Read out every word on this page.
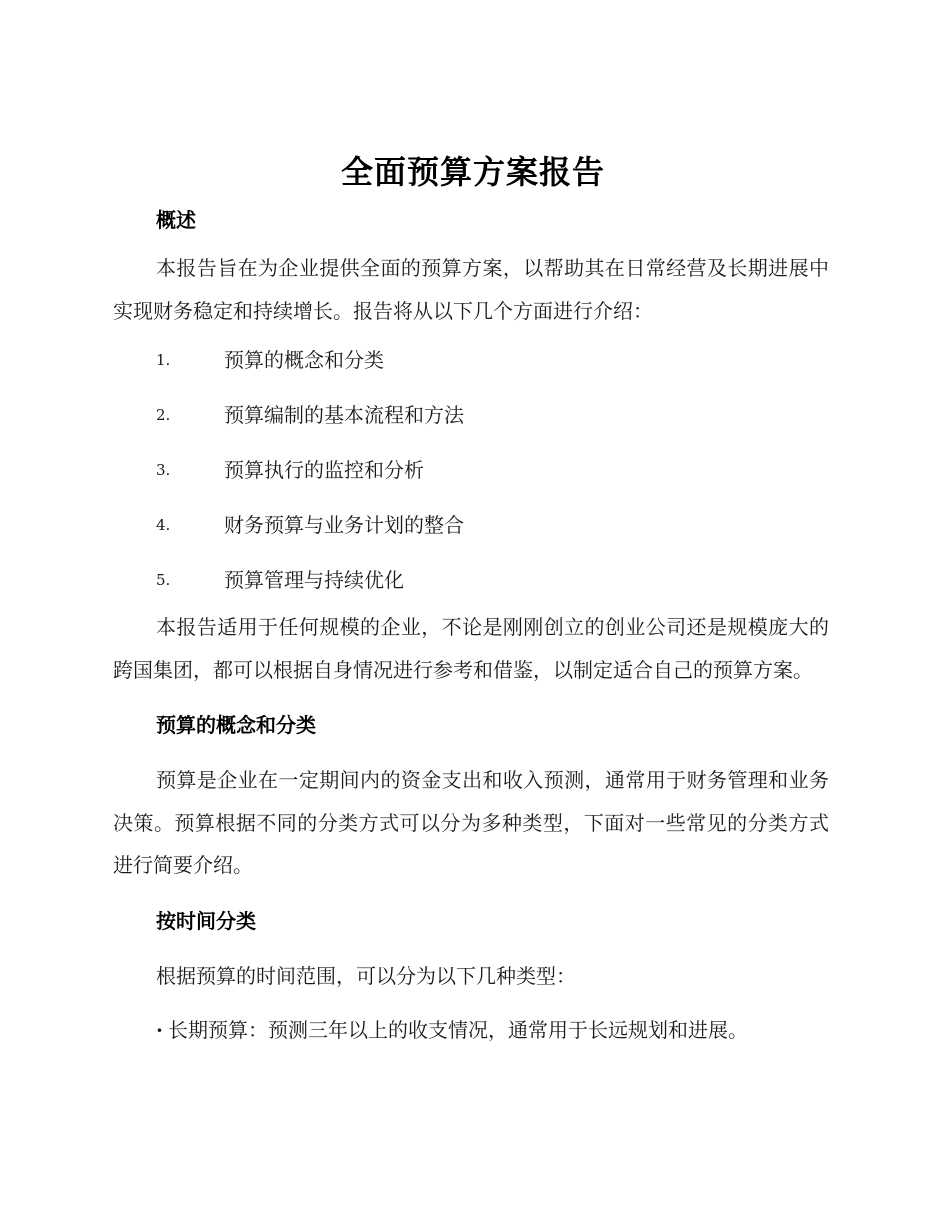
全面预算方案报告
概述

本报告旨在为企业提供全面的预算方案，以帮助其在日常经营及长期进展中实现财务稳定和持续增长。报告将从以下几个方面进行介绍：

1.	预算的概念和分类
2.	预算编制的基本流程和方法
3.	预算执行的监控和分析
4.	财务预算与业务计划的整合
5.	预算管理与持续优化

本报告适用于任何规模的企业，不论是刚刚创立的创业公司还是规模庞大的跨国集团，都可以根据自身情况进行参考和借鉴，以制定适合自己的预算方案。

预算的概念和分类

预算是企业在一定期间内的资金支出和收入预测，通常用于财务管理和业务决策。预算根据不同的分类方式可以分为多种类型，下面对一些常见的分类方式进行简要介绍。

按时间分类

根据预算的时间范围，可以分为以下几种类型：

· 长期预算：预测三年以上的收支情况，通常用于长远规划和进展。
